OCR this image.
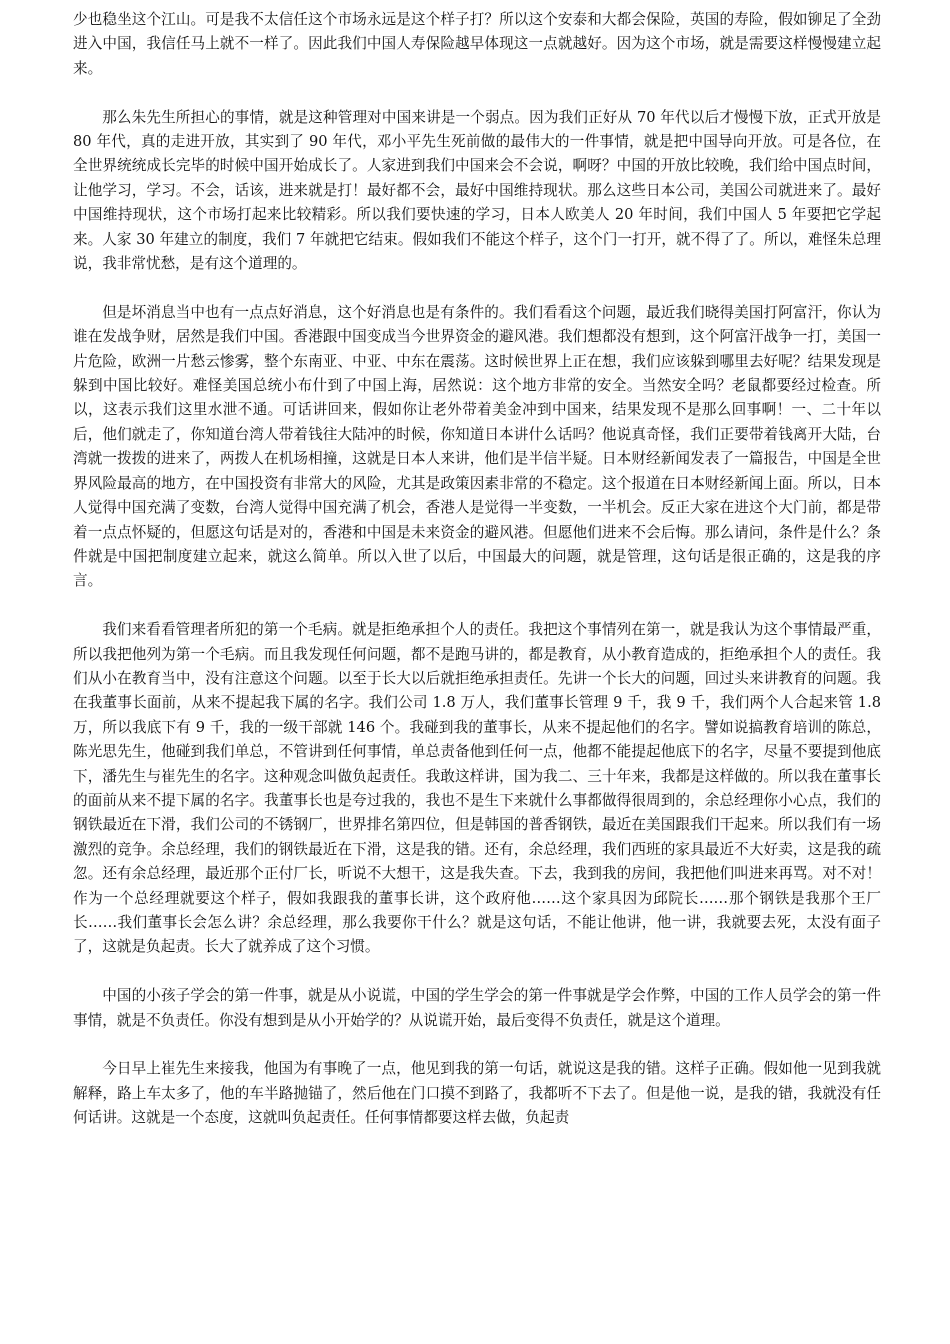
少也稳坐这个江山。可是我不太信任这个市场永远是这个样子打？所以这个安泰和大都会保险，英国的寿险，假如铆足了全劲进入中国，我信任马上就不一样了。因此我们中国人寿保险越早体现这一点就越好。因为这个市场，就是需要这样慢慢建立起来。

那么朱先生所担心的事情，就是这种管理对中国来讲是一个弱点。因为我们正好从 70 年代以后才慢慢下放，正式开放是 80 年代，真的走进开放，其实到了 90 年代，邓小平先生死前做的最伟大的一件事情，就是把中国导向开放。可是各位，在全世界统统成长完毕的时候中国开始成长了。人家进到我们中国来会不会说，啊呀？中国的开放比较晚，我们给中国点时间，让他学习，学习。不会，话该，进来就是打！最好都不会，最好中国维持现状。那么这些日本公司，美国公司就进来了。最好中国维持现状，这个市场打起来比较精彩。所以我们要快速的学习，日本人欧美人 20 年时间，我们中国人 5 年要把它学起来。人家 30 年建立的制度，我们 7 年就把它结束。假如我们不能这个样子，这个门一打开，就不得了了。所以，难怪朱总理说，我非常忧愁，是有这个道理的。

但是坏消息当中也有一点点好消息，这个好消息也是有条件的。我们看看这个问题，最近我们晓得美国打阿富汗，你认为谁在发战争财，居然是我们中国。香港跟中国变成当今世界资金的避风港。我们想都没有想到，这个阿富汗战争一打，美国一片危险，欧洲一片愁云惨雾，整个东南亚、中亚、中东在震荡。这时候世界上正在想，我们应该躲到哪里去好呢？结果发现是躲到中国比较好。难怪美国总统小布什到了中国上海，居然说：这个地方非常的安全。当然安全吗？老鼠都要经过检查。所以，这表示我们这里水泄不通。可话讲回来，假如你让老外带着美金冲到中国来，结果发现不是那么回事啊！一、二十年以后，他们就走了，你知道台湾人带着钱往大陆冲的时候，你知道日本讲什么话吗？他说真奇怪，我们正要带着钱离开大陆，台湾就一拨拨的进来了，两拨人在机场相撞，这就是日本人来讲，他们是半信半疑。日本财经新闻发表了一篇报告，中国是全世界风险最高的地方，在中国投资有非常大的风险，尤其是政策因素非常的不稳定。这个报道在日本财经新闻上面。所以，日本人觉得中国充满了变数，台湾人觉得中国充满了机会，香港人是觉得一半变数，一半机会。反正大家在进这个大门前，都是带着一点点怀疑的，但愿这句话是对的，香港和中国是未来资金的避风港。但愿他们进来不会后悔。那么请问，条件是什么？条件就是中国把制度建立起来，就这么简单。所以入世了以后，中国最大的问题，就是管理，这句话是很正确的，这是我的序言。

我们来看看管理者所犯的第一个毛病。就是拒绝承担个人的责任。我把这个事情列在第一，就是我认为这个事情最严重，所以我把他列为第一个毛病。而且我发现任何问题，都不是跑马讲的，都是教育，从小教育造成的，拒绝承担个人的责任。我们从小在教育当中，没有注意这个问题。以至于长大以后就拒绝承担责任。先讲一个长大的问题，回过头来讲教育的问题。我在我董事长面前，从来不提起我下属的名字。我们公司 1.8 万人，我们董事长管理 9 千，我 9 千，我们两个人合起来管 1.8 万，所以我底下有 9 千，我的一级干部就 146 个。我碰到我的董事长，从来不提起他们的名字。譬如说搞教育培训的陈总，陈光思先生，他碰到我们单总，不管讲到任何事情，单总责备他到任何一点，他都不能提起他底下的名字，尽量不要提到他底下，潘先生与崔先生的名字。这种观念叫做负起责任。我敢这样讲，国为我二、三十年来，我都是这样做的。所以我在董事长的面前从来不提下属的名字。我董事长也是夸过我的，我也不是生下来就什么事都做得很周到的，余总经理你小心点，我们的钢铁最近在下滑，我们公司的不锈钢厂，世界排名第四位，但是韩国的普香钢铁，最近在美国跟我们干起来。所以我们有一场激烈的竞争。余总经理，我们的钢铁最近在下滑，这是我的错。还有，余总经理，我们西班的家具最近不大好卖，这是我的疏忽。还有余总经理，最近那个正付厂长，听说不大想干，这是我失查。下去，我到我的房间，我把他们叫进来再骂。对不对！作为一个总经理就要这个样子，假如我跟我的董事长讲，这个政府他……这个家具因为邱院长……那个钢铁是我那个王厂长……我们董事长会怎么讲？余总经理，那么我要你干什么？就是这句话，不能让他讲，他一讲，我就要去死，太没有面子了，这就是负起责。长大了就养成了这个习惯。

中国的小孩子学会的第一件事，就是从小说谎，中国的学生学会的第一件事就是学会作弊，中国的工作人员学会的第一件事情，就是不负责任。你没有想到是从小开始学的？从说谎开始，最后变得不负责任，就是这个道理。

今日早上崔先生来接我，他国为有事晚了一点，他见到我的第一句话，就说这是我的错。这样子正确。假如他一见到我就解释，路上车太多了，他的车半路抛锚了，然后他在门口摸不到路了，我都听不下去了。但是他一说，是我的错，我就没有任何话讲。这就是一个态度，这就叫负起责任。任何事情都要这样去做，负起责
